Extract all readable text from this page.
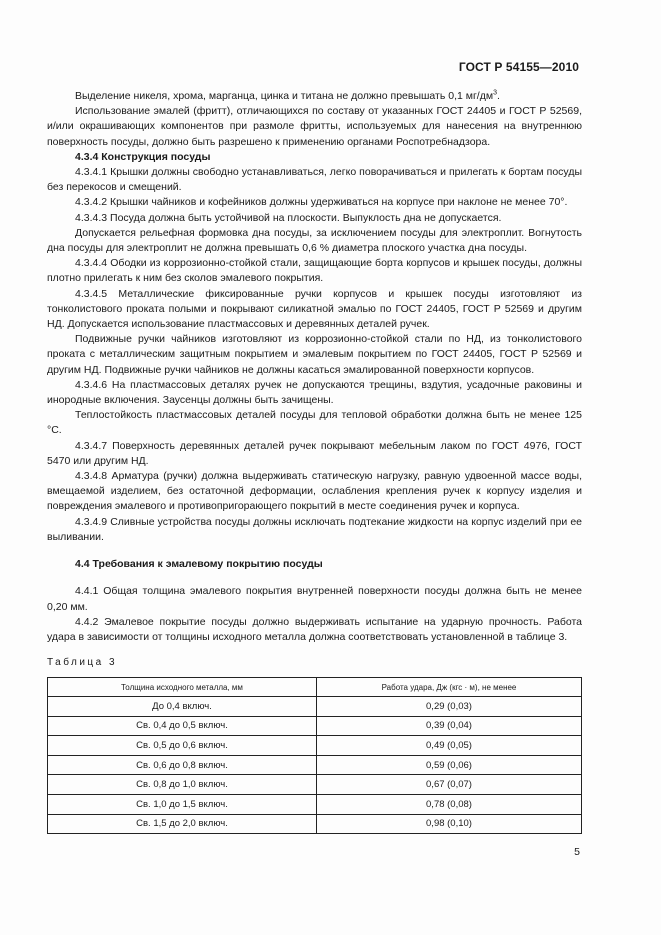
ГОСТ Р 54155—2010

Выделение никеля, хрома, марганца, цинка и титана не должно превышать 0,1 $мг/дм^3$.

Использование эмалей (фритт), отличающихся по составу от указанных ГОСТ 24405 и ГОСТ Р 52569, и/или окрашивающих компонентов при размоле фритты, используемых для нанесения на внутреннюю поверхность посуды, должно быть разрешено к применению органами Роспотребнадзора.

4.3.4 Конструкция посуды

4.3.4.1 Крышки должны свободно устанавливаться, легко поворачиваться и прилегать к бортам посуды без перекосов и смещений.

4.3.4.2 Крышки чайников и кофейников должны удерживаться на корпусе при наклоне не менее 70°.

4.3.4.3 Посуда должна быть устойчивой на плоскости. Выпуклость дна не допускается.

Допускается рельефная формовка дна посуды, за исключением посуды для электроплит. Вогнутость дна посуды для электроплит не должна превышать 0,6 % диаметра плоского участка дна посуды.

4.3.4.4 Ободки из коррозионно-стойкой стали, защищающие борта корпусов и крышек посуды, должны плотно прилегать к ним без сколов эмалевого покрытия.

4.3.4.5 Металлические фиксированные ручки корпусов и крышек посуды изготовляют из тонколистового проката полыми и покрывают силикатной эмалью по ГОСТ 24405, ГОСТ Р 52569 и другим НД. Допускается использование пластмассовых и деревянных деталей ручек.

Подвижные ручки чайников изготовляют из коррозионно-стойкой стали по НД, из тонколистового проката с металлическим защитным покрытием и эмалевым покрытием по ГОСТ 24405, ГОСТ Р 52569 и другим НД. Подвижные ручки чайников не должны касаться эмалированной поверхности корпусов.

4.3.4.6 На пластмассовых деталях ручек не допускаются трещины, вздутия, усадочные раковины и инородные включения. Заусенцы должны быть зачищены.

Теплостойкость пластмассовых деталей посуды для тепловой обработки должна быть не менее 125 °С.

4.3.4.7 Поверхность деревянных деталей ручек покрывают мебельным лаком по ГОСТ 4976, ГОСТ 5470 или другим НД.

4.3.4.8 Арматура (ручки) должна выдерживать статическую нагрузку, равную удвоенной массе воды, вмещаемой изделием, без остаточной деформации, ослабления крепления ручек к корпусу изделия и повреждения эмалевого и противопригорающего покрытий в месте соединения ручек и корпуса.

4.3.4.9 Сливные устройства посуды должны исключать подтекание жидкости на корпус изделий при ее выливании.

4.4 Требования к эмалевому покрытию посуды

4.4.1 Общая толщина эмалевого покрытия внутренней поверхности посуды должна быть не менее 0,20 мм.

4.4.2 Эмалевое покрытие посуды должно выдерживать испытание на ударную прочность. Работа удара в зависимости от толщины исходного металла должна соответствовать установленной в таблице 3.

Таблица 3
Толщина исходного металла, мм	Работа удара, Дж (кгс · м), не менее
До 0,4 включ.	0,29 (0,03)
Св. 0,4 до 0,5 включ.	0,39 (0,04)
Св. 0,5 до 0,6 включ.	0,49 (0,05)
Св. 0,6 до 0,8 включ.	0,59 (0,06)
Св. 0,8 до 1,0 включ.	0,67 (0,07)
Св. 1,0 до 1,5 включ.	0,78 (0,08)
Св. 1,5 до 2,0 включ.	0,98 (0,10)
5
